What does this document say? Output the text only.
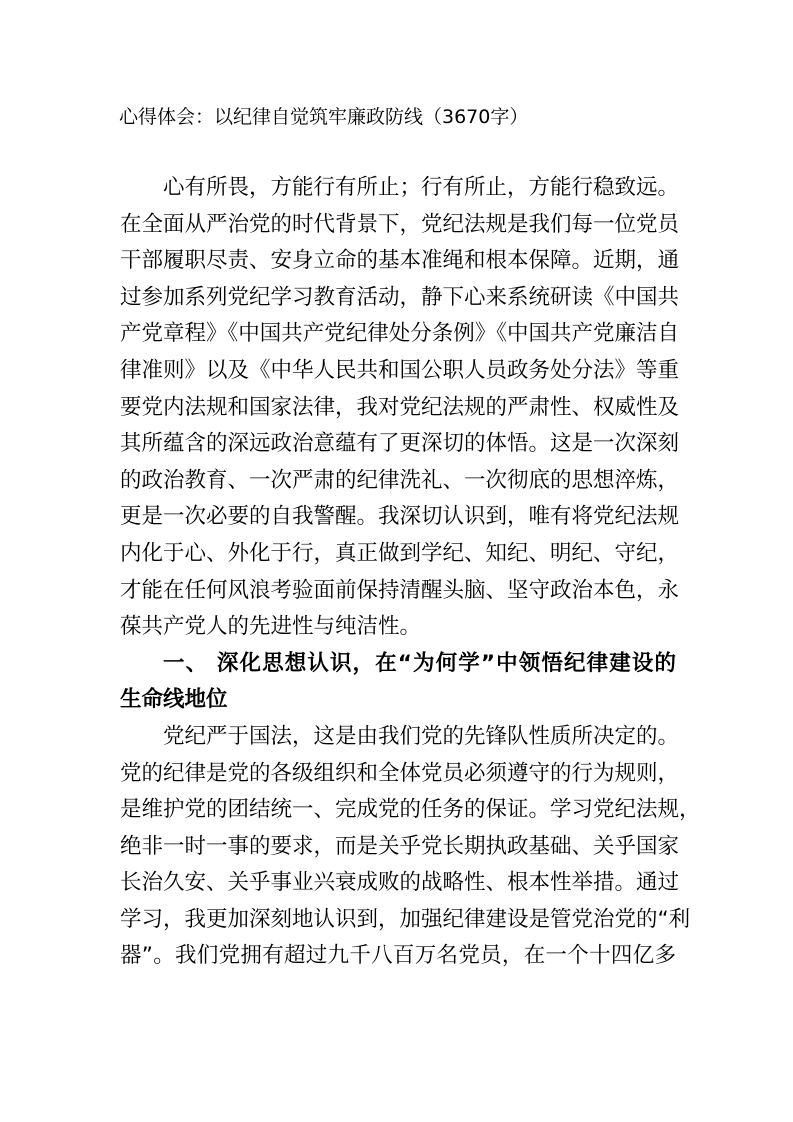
心得体会：以纪律自觉筑牢廉政防线（3670字）
心有所畏，方能行有所止；行有所止，方能行稳致远。
在全面从严治党的时代背景下，党纪法规是我们每一位党员
干部履职尽责、安身立命的基本准绳和根本保障。近期，通
过参加系列党纪学习教育活动，静下心来系统研读《中国共
产党章程》《中国共产党纪律处分条例》《中国共产党廉洁自
律准则》以及《中华人民共和国公职人员政务处分法》等重
要党内法规和国家法律，我对党纪法规的严肃性、权威性及
其所蕴含的深远政治意蕴有了更深切的体悟。这是一次深刻
的政治教育、一次严肃的纪律洗礼、一次彻底的思想淬炼，
更是一次必要的自我警醒。我深切认识到，唯有将党纪法规
内化于心、外化于行，真正做到学纪、知纪、明纪、守纪，
才能在任何风浪考验面前保持清醒头脑、坚守政治本色，永
葆共产党人的先进性与纯洁性。
一、 深化思想认识，在“为何学”中领悟纪律建设的
生命线地位
党纪严于国法，这是由我们党的先锋队性质所决定的。
党的纪律是党的各级组织和全体党员必须遵守的行为规则，
是维护党的团结统一、完成党的任务的保证。学习党纪法规，
绝非一时一事的要求，而是关乎党长期执政基础、关乎国家
长治久安、关乎事业兴衰成败的战略性、根本性举措。通过
学习，我更加深刻地认识到，加强纪律建设是管党治党的“利
器”。我们党拥有超过九千八百万名党员，在一个十四亿多
